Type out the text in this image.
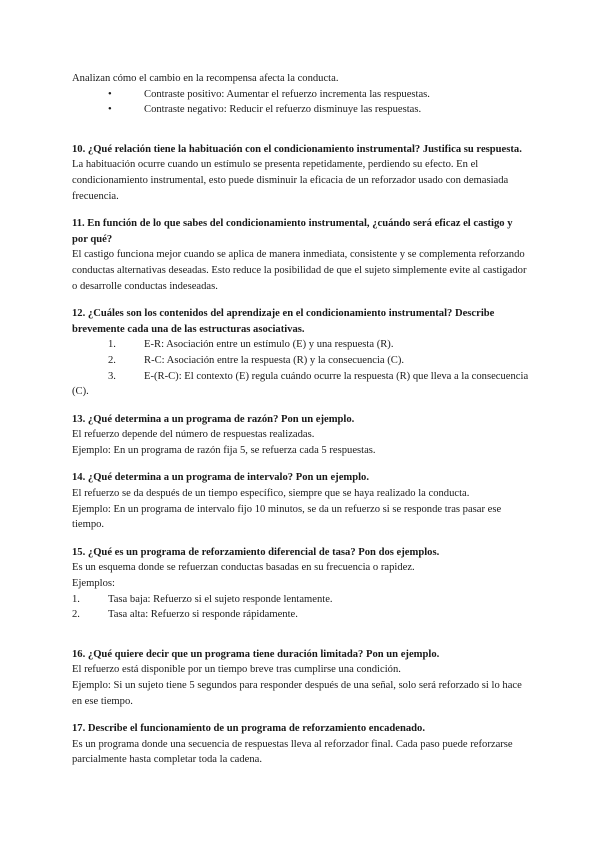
Analizan cómo el cambio en la recompensa afecta la conducta.

•	Contraste positivo: Aumentar el refuerzo incrementa las respuestas.

•	Contraste negativo: Reducir el refuerzo disminuye las respuestas.

10. ¿Qué relación tiene la habituación con el condicionamiento instrumental? Justifica su respuesta.

La habituación ocurre cuando un estímulo se presenta repetidamente, perdiendo su efecto. En el condicionamiento instrumental, esto puede disminuir la eficacia de un reforzador usado con demasiada frecuencia.

11. En función de lo que sabes del condicionamiento instrumental, ¿cuándo será eficaz el castigo y por qué?

El castigo funciona mejor cuando se aplica de manera inmediata, consistente y se complementa reforzando conductas alternativas deseadas. Esto reduce la posibilidad de que el sujeto simplemente evite al castigador o desarrolle conductas indeseadas.

12. ¿Cuáles son los contenidos del aprendizaje en el condicionamiento instrumental? Describe brevemente cada una de las estructuras asociativas.

1.	E-R: Asociación entre un estímulo (E) y una respuesta (R).

2.	R-C: Asociación entre la respuesta (R) y la consecuencia (C).

3.	E-(R-C): El contexto (E) regula cuándo ocurre la respuesta (R) que lleva a la consecuencia (C).

13. ¿Qué determina a un programa de razón? Pon un ejemplo.

El refuerzo depende del número de respuestas realizadas.

Ejemplo: En un programa de razón fija 5, se refuerza cada 5 respuestas.

14. ¿Qué determina a un programa de intervalo? Pon un ejemplo.

El refuerzo se da después de un tiempo específico, siempre que se haya realizado la conducta.

Ejemplo: En un programa de intervalo fijo 10 minutos, se da un refuerzo si se responde tras pasar ese tiempo.

15. ¿Qué es un programa de reforzamiento diferencial de tasa? Pon dos ejemplos.

Es un esquema donde se refuerzan conductas basadas en su frecuencia o rapidez.

Ejemplos:

1.	Tasa baja: Refuerzo si el sujeto responde lentamente.

2.	Tasa alta: Refuerzo si responde rápidamente.

16. ¿Qué quiere decir que un programa tiene duración limitada? Pon un ejemplo.

El refuerzo está disponible por un tiempo breve tras cumplirse una condición.

Ejemplo: Si un sujeto tiene 5 segundos para responder después de una señal, solo será reforzado si lo hace en ese tiempo.

17. Describe el funcionamiento de un programa de reforzamiento encadenado.

Es un programa donde una secuencia de respuestas lleva al reforzador final. Cada paso puede reforzarse parcialmente hasta completar toda la cadena.
